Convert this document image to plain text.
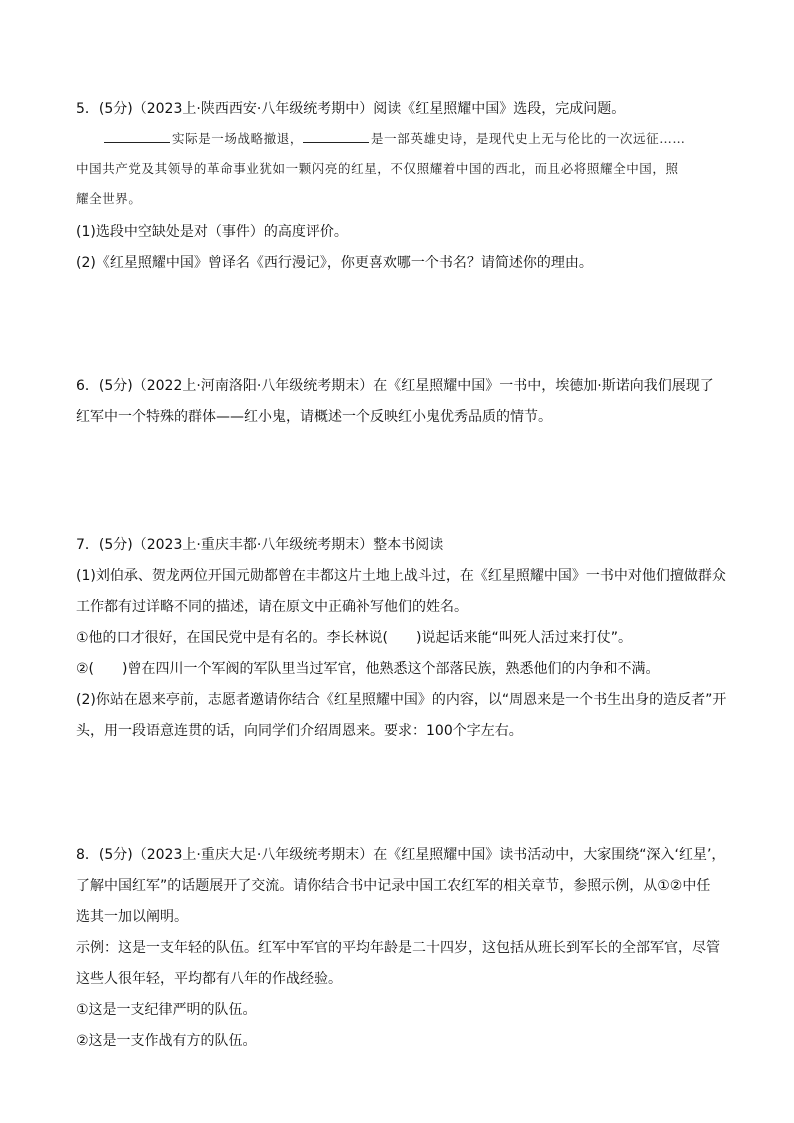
5．(5分)（2023上·陕西西安·八年级统考期中）阅读《红星照耀中国》选段，完成问题。
实际是一场战略撤退，	是一部英雄史诗，是现代史上无与伦比的一次远征……
中国共产党及其领导的革命事业犹如一颗闪亮的红星，不仅照耀着中国的西北，而且必将照耀全中国，照
耀全世界。
(1)选段中空缺处是对（事件）的高度评价。
(2)《红星照耀中国》曾译名《西行漫记》，你更喜欢哪一个书名？请简述你的理由。
6．(5分)（2022上·河南洛阳·八年级统考期末）在《红星照耀中国》一书中，埃德加·斯诺向我们展现了
红军中一个特殊的群体——红小鬼，请概述一个反映红小鬼优秀品质的情节。
7．(5分)（2023上·重庆丰都·八年级统考期末）整本书阅读
(1)刘伯承、贺龙两位开国元勋都曾在丰都这片土地上战斗过，在《红星照耀中国》一书中对他们擅做群众
工作都有过详略不同的描述，请在原文中正确补写他们的姓名。
①他的口才很好，在国民党中是有名的。李长林说(　　)说起话来能“叫死人活过来打仗”。
②(　　)曾在四川一个军阀的军队里当过军官，他熟悉这个部落民族，熟悉他们的内争和不满。
(2)你站在恩来亭前，志愿者邀请你结合《红星照耀中国》的内容，以“周恩来是一个书生出身的造反者”开
头，用一段语意连贯的话，向同学们介绍周恩来。要求：100个字左右。
8．(5分)（2023上·重庆大足·八年级统考期末）在《红星照耀中国》读书活动中，大家围绕“深入‘红星’，
了解中国红军”的话题展开了交流。请你结合书中记录中国工农红军的相关章节，参照示例，从①②中任
选其一加以阐明。
示例：这是一支年轻的队伍。红军中军官的平均年龄是二十四岁，这包括从班长到军长的全部军官，尽管
这些人很年轻，平均都有八年的作战经验。
①这是一支纪律严明的队伍。
②这是一支作战有方的队伍。
